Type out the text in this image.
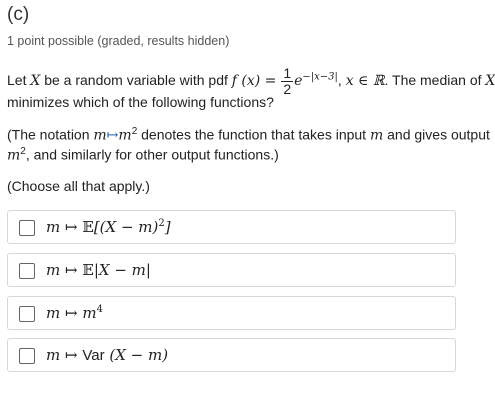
(c)
1 point possible (graded, results hidden)
Let X be a random variable with pdf f $(x) = \frac{1}{2} e^{-|x-3|}$, x ∈ ℝ. The median of X
minimizes which of the following functions?
(The notation $m↦m^2$ denotes the function that takes input m and gives output
$m^2$, and similarly for other output functions.)
(Choose all that apply.)
m ↦ 𝔼[(X − m)$^2$]
m ↦ 𝔼|X − m|
m ↦ $m^4$
m ↦ Var (X − m)
